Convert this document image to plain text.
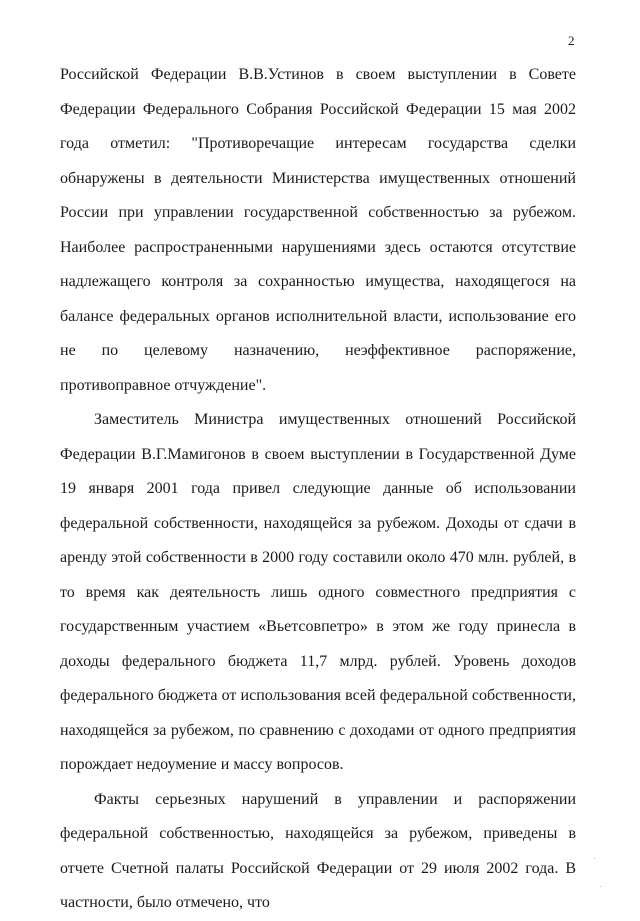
2

Российской Федерации В.В.Устинов в своем выступлении в Совете Федерации Федерального Собрания Российской Федерации 15 мая 2002 года отметил: "Противоречащие интересам государства сделки обнаружены в деятельности Министерства имущественных отношений России при управлении государственной собственностью за рубежом. Наиболее распространенными нарушениями здесь остаются отсутствие надлежащего контроля за сохранностью имущества, находящегося на балансе федеральных органов исполнительной власти, использование его не по целевому назначению, неэффективное распоряжение, противоправное отчуждение".

Заместитель Министра имущественных отношений Российской Федерации В.Г.Мамигонов в своем выступлении в Государственной Думе 19 января 2001 года привел следующие данные об использовании федеральной собственности, находящейся за рубежом. Доходы от сдачи в аренду этой собственности в 2000 году составили около 470 млн. рублей, в то время как деятельность лишь одного совместного предприятия с государственным участием «Вьетсовпетро» в этом же году принесла в доходы федерального бюджета 11,7 млрд. рублей. Уровень доходов федерального бюджета от использования всей федеральной собственности, находящейся за рубежом, по сравнению с доходами от одного предприятия порождает недоумение и массу вопросов.

Факты серьезных нарушений в управлении и распоряжении федеральной собственностью, находящейся за рубежом, приведены в отчете Счетной палаты Российской Федерации от 29 июля 2002 года. В частности, было отмечено, что
